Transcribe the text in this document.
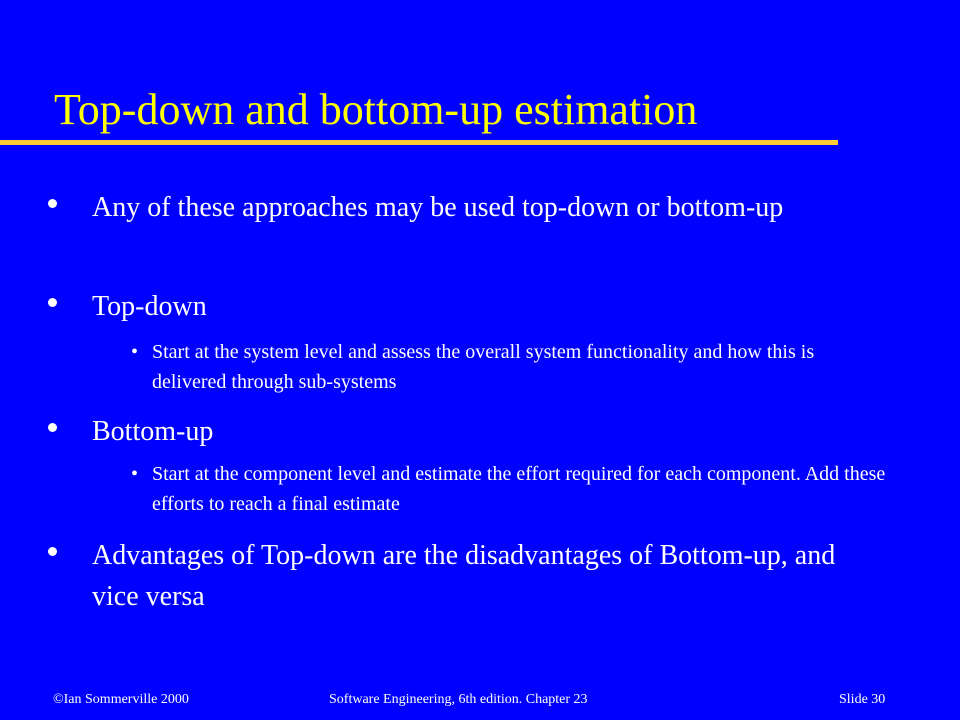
Top-down and bottom-up estimation
Any of these approaches may be used top-down or bottom-up
Top-down
• Start at the system level and assess the overall system functionality and how this is delivered through sub-systems
Bottom-up
• Start at the component level and estimate the effort required for each component. Add these efforts to reach a final estimate
Advantages of Top-down are the disadvantages of Bottom-up, and vice versa
©Ian Sommerville 2000	Software Engineering, 6th edition. Chapter 23	Slide 30
